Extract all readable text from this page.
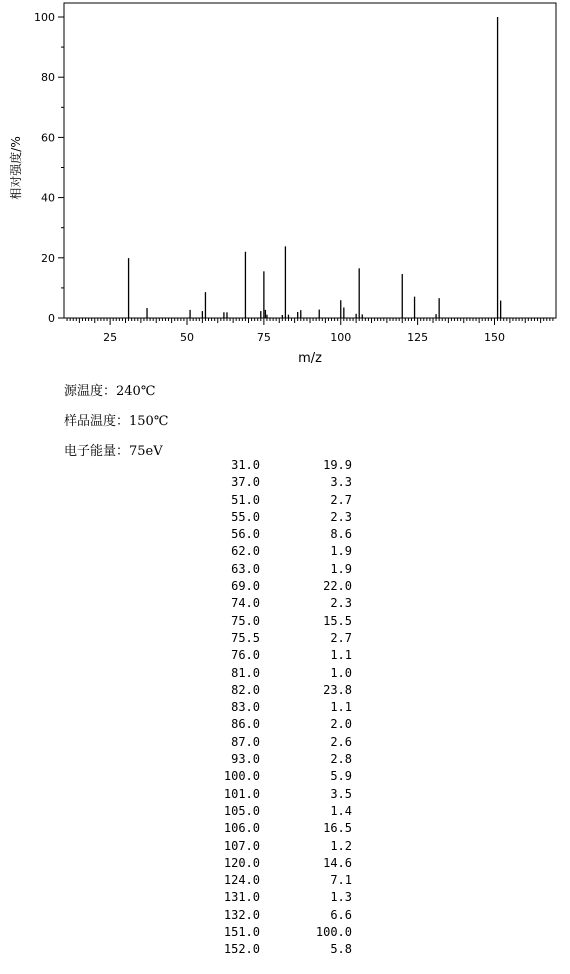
0
20
40
60
80
100
25	50	75	100	125	150
m/z
相对强度/%
源温度：240℃
样品温度：150℃
电子能量：75eV
31.0	19.9
37.0	3.3
51.0	2.7
55.0	2.3
56.0	8.6
62.0	1.9
63.0	1.9
69.0	22.0
74.0	2.3
75.0	15.5
75.5	2.7
76.0	1.1
81.0	1.0
82.0	23.8
83.0	1.1
86.0	2.0
87.0	2.6
93.0	2.8
100.0	5.9
101.0	3.5
105.0	1.4
106.0	16.5
107.0	1.2
120.0	14.6
124.0	7.1
131.0	1.3
132.0	6.6
151.0	100.0
152.0	5.8
